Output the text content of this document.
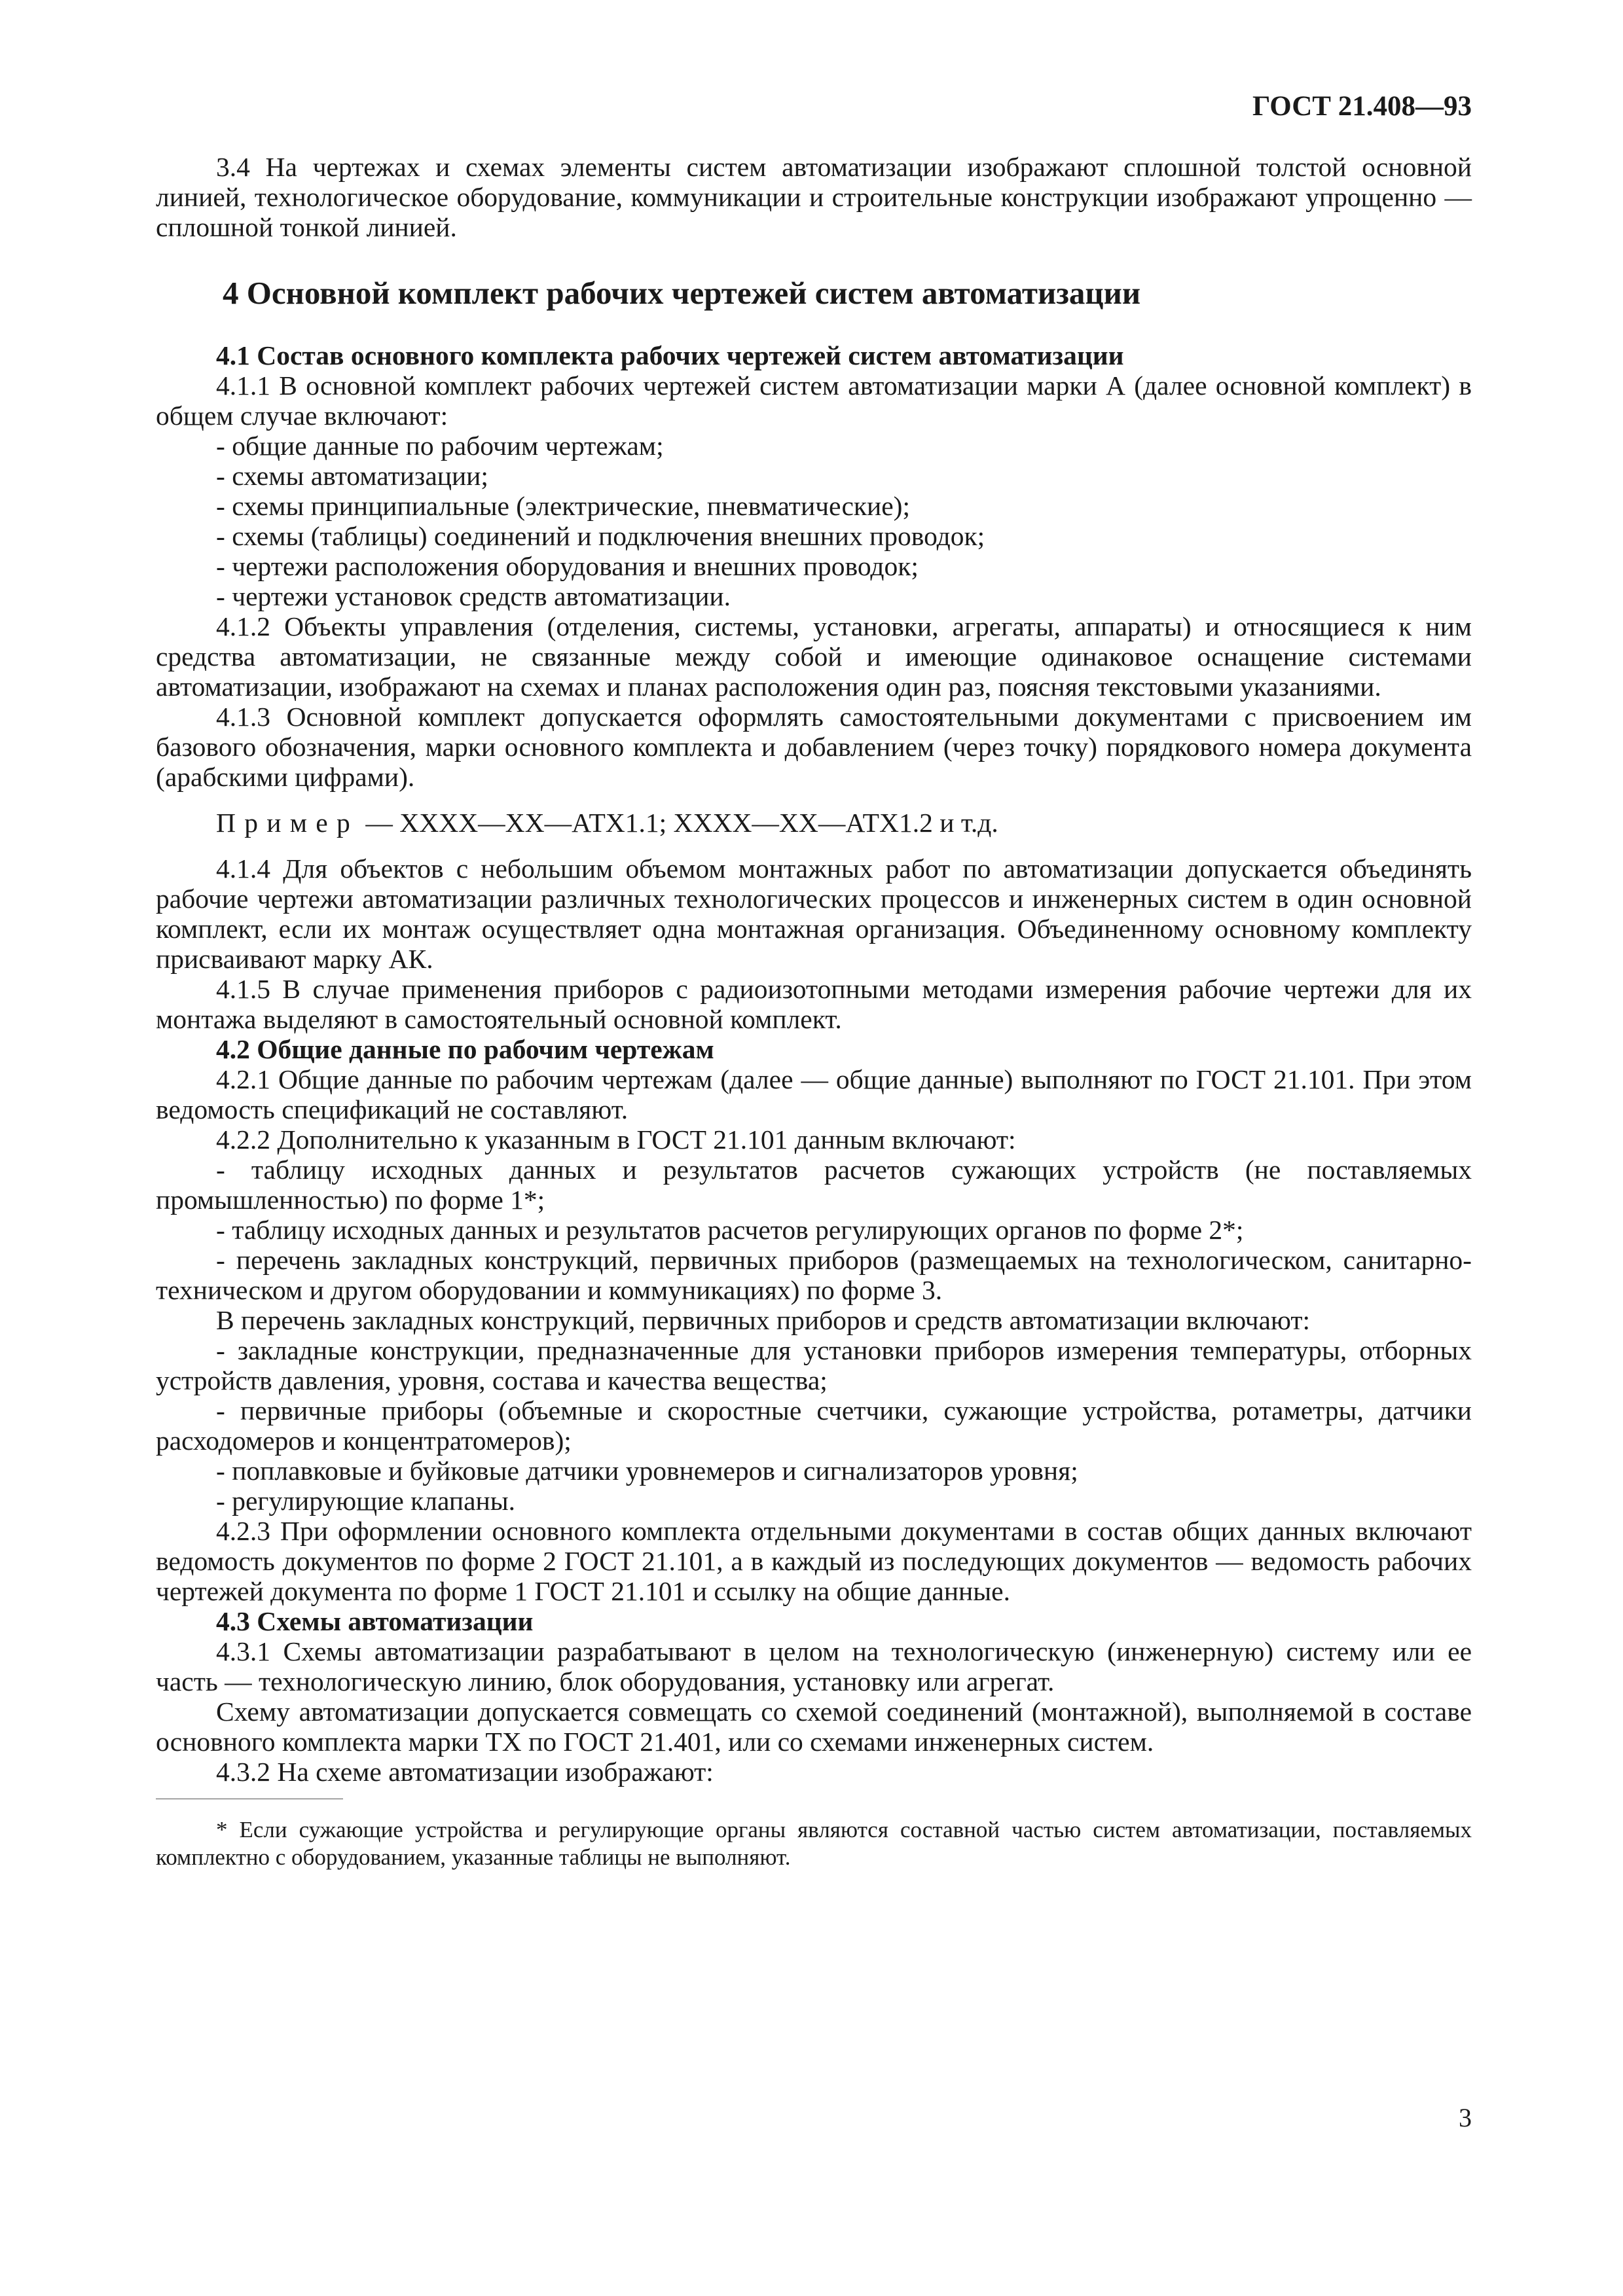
ГОСТ 21.408—93

3.4 На чертежах и схемах элементы систем автоматизации изображают сплошной толстой основной линией, технологическое оборудование, коммуникации и строительные конструкции изображают упрощенно — сплошной тонкой линией.

4 Основной комплект рабочих чертежей систем автоматизации

4.1 Состав основного комплекта рабочих чертежей систем автоматизации

4.1.1 В основной комплект рабочих чертежей систем автоматизации марки А (далее основной комплект) в общем случае включают:

- общие данные по рабочим чертежам;

- схемы автоматизации;

- схемы принципиальные (электрические, пневматические);

- схемы (таблицы) соединений и подключения внешних проводок;

- чертежи расположения оборудования и внешних проводок;

- чертежи установок средств автоматизации.

4.1.2 Объекты управления (отделения, системы, установки, агрегаты, аппараты) и относящиеся к ним средства автоматизации, не связанные между собой и имеющие одинаковое оснащение системами автоматизации, изображают на схемах и планах расположения один раз, поясняя текстовыми указаниями.

4.1.3 Основной комплект допускается оформлять самостоятельными документами с присвоением им базового обозначения, марки основного комплекта и добавлением (через точку) порядкового номера документа (арабскими цифрами).

Пример — ХХХХ—ХХ—АТХ1.1; ХХХХ—ХХ—АТХ1.2 и т.д.

4.1.4 Для объектов с небольшим объемом монтажных работ по автоматизации допускается объединять рабочие чертежи автоматизации различных технологических процессов и инженерных систем в один основной комплект, если их монтаж осуществляет одна монтажная организация. Объединенному основному комплекту присваивают марку АК.

4.1.5 В случае применения приборов с радиоизотопными методами измерения рабочие чертежи для их монтажа выделяют в самостоятельный основной комплект.

4.2 Общие данные по рабочим чертежам

4.2.1 Общие данные по рабочим чертежам (далее — общие данные) выполняют по ГОСТ 21.101. При этом ведомость спецификаций не составляют.

4.2.2 Дополнительно к указанным в ГОСТ 21.101 данным включают:

- таблицу исходных данных и результатов расчетов сужающих устройств (не поставляемых промышленностью) по форме 1*;

- таблицу исходных данных и результатов расчетов регулирующих органов по форме 2*;

- перечень закладных конструкций, первичных приборов (размещаемых на технологическом, санитарно-техническом и другом оборудовании и коммуникациях) по форме 3.

В перечень закладных конструкций, первичных приборов и средств автоматизации включают:

- закладные конструкции, предназначенные для установки приборов измерения температуры, отборных устройств давления, уровня, состава и качества вещества;

- первичные приборы (объемные и скоростные счетчики, сужающие устройства, ротаметры, датчики расходомеров и концентратомеров);

- поплавковые и буйковые датчики уровнемеров и сигнализаторов уровня;

- регулирующие клапаны.

4.2.3 При оформлении основного комплекта отдельными документами в состав общих данных включают ведомость документов по форме 2 ГОСТ 21.101, а в каждый из последующих документов — ведомость рабочих чертежей документа по форме 1 ГОСТ 21.101 и ссылку на общие данные.

4.3 Схемы автоматизации

4.3.1 Схемы автоматизации разрабатывают в целом на технологическую (инженерную) систему или ее часть — технологическую линию, блок оборудования, установку или агрегат.

Схему автоматизации допускается совмещать со схемой соединений (монтажной), выполняемой в составе основного комплекта марки ТХ по ГОСТ 21.401, или со схемами инженерных систем.

4.3.2 На схеме автоматизации изображают:

* Если сужающие устройства и регулирующие органы являются составной частью систем автоматизации, поставляемых комплектно с оборудованием, указанные таблицы не выполняют.

3
